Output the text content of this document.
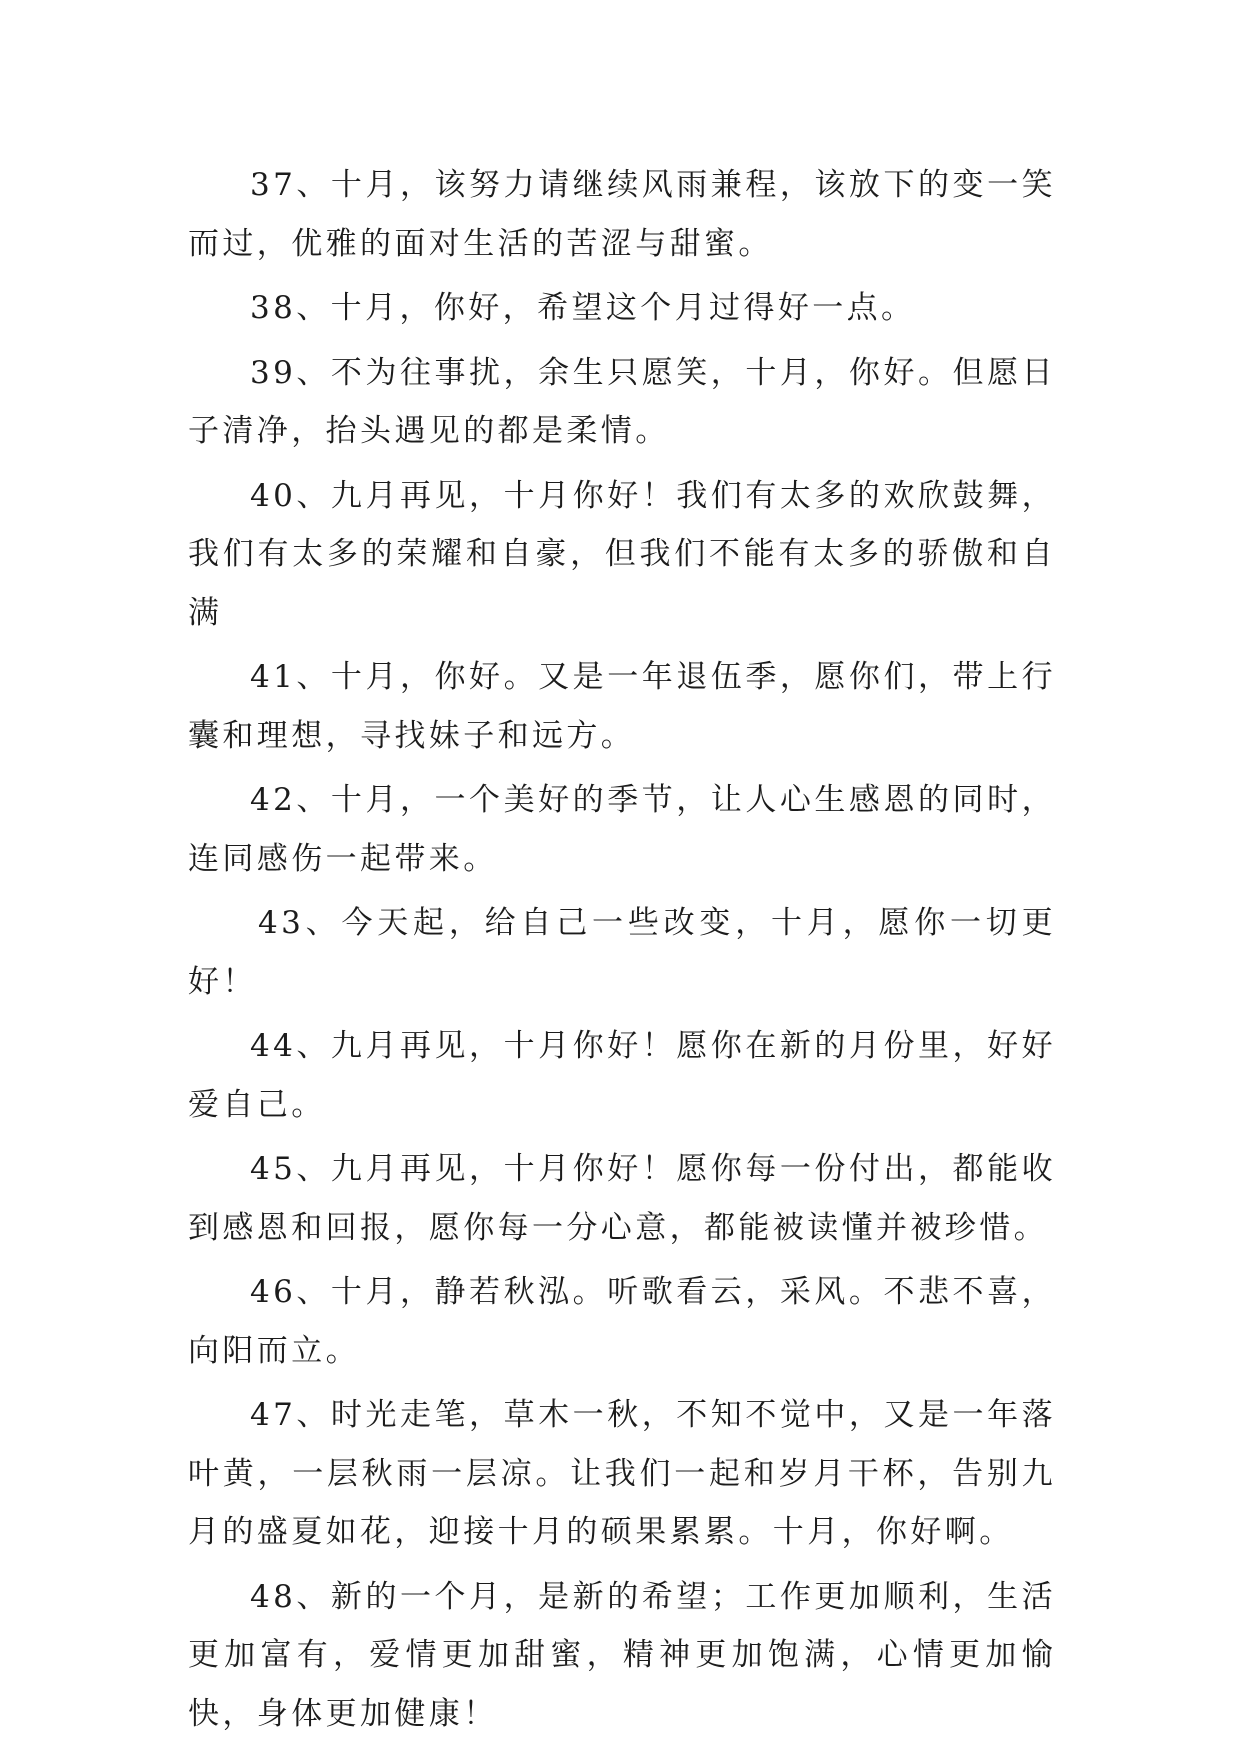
37、十月，该努力请继续风雨兼程，该放下的变一笑而过，优雅的面对生活的苦涩与甜蜜。

38、十月，你好，希望这个月过得好一点。

39、不为往事扰，余生只愿笑，十月，你好。但愿日子清净，抬头遇见的都是柔情。

40、九月再见，十月你好！我们有太多的欢欣鼓舞，我们有太多的荣耀和自豪，但我们不能有太多的骄傲和自满

41、十月，你好。又是一年退伍季，愿你们，带上行囊和理想，寻找妹子和远方。

42、十月，一个美好的季节，让人心生感恩的同时，连同感伤一起带来。

43、今天起，给自己一些改变，十月，愿你一切更好！

44、九月再见，十月你好！愿你在新的月份里，好好爱自己。

45、九月再见，十月你好！愿你每一份付出，都能收到感恩和回报，愿你每一分心意，都能被读懂并被珍惜。

46、十月，静若秋泓。听歌看云，采风。不悲不喜，向阳而立。

47、时光走笔，草木一秋，不知不觉中，又是一年落叶黄，一层秋雨一层凉。让我们一起和岁月干杯，告别九月的盛夏如花，迎接十月的硕果累累。十月，你好啊。

48、新的一个月，是新的希望；工作更加顺利，生活更加富有，爱情更加甜蜜，精神更加饱满，心情更加愉快，身体更加健康！
